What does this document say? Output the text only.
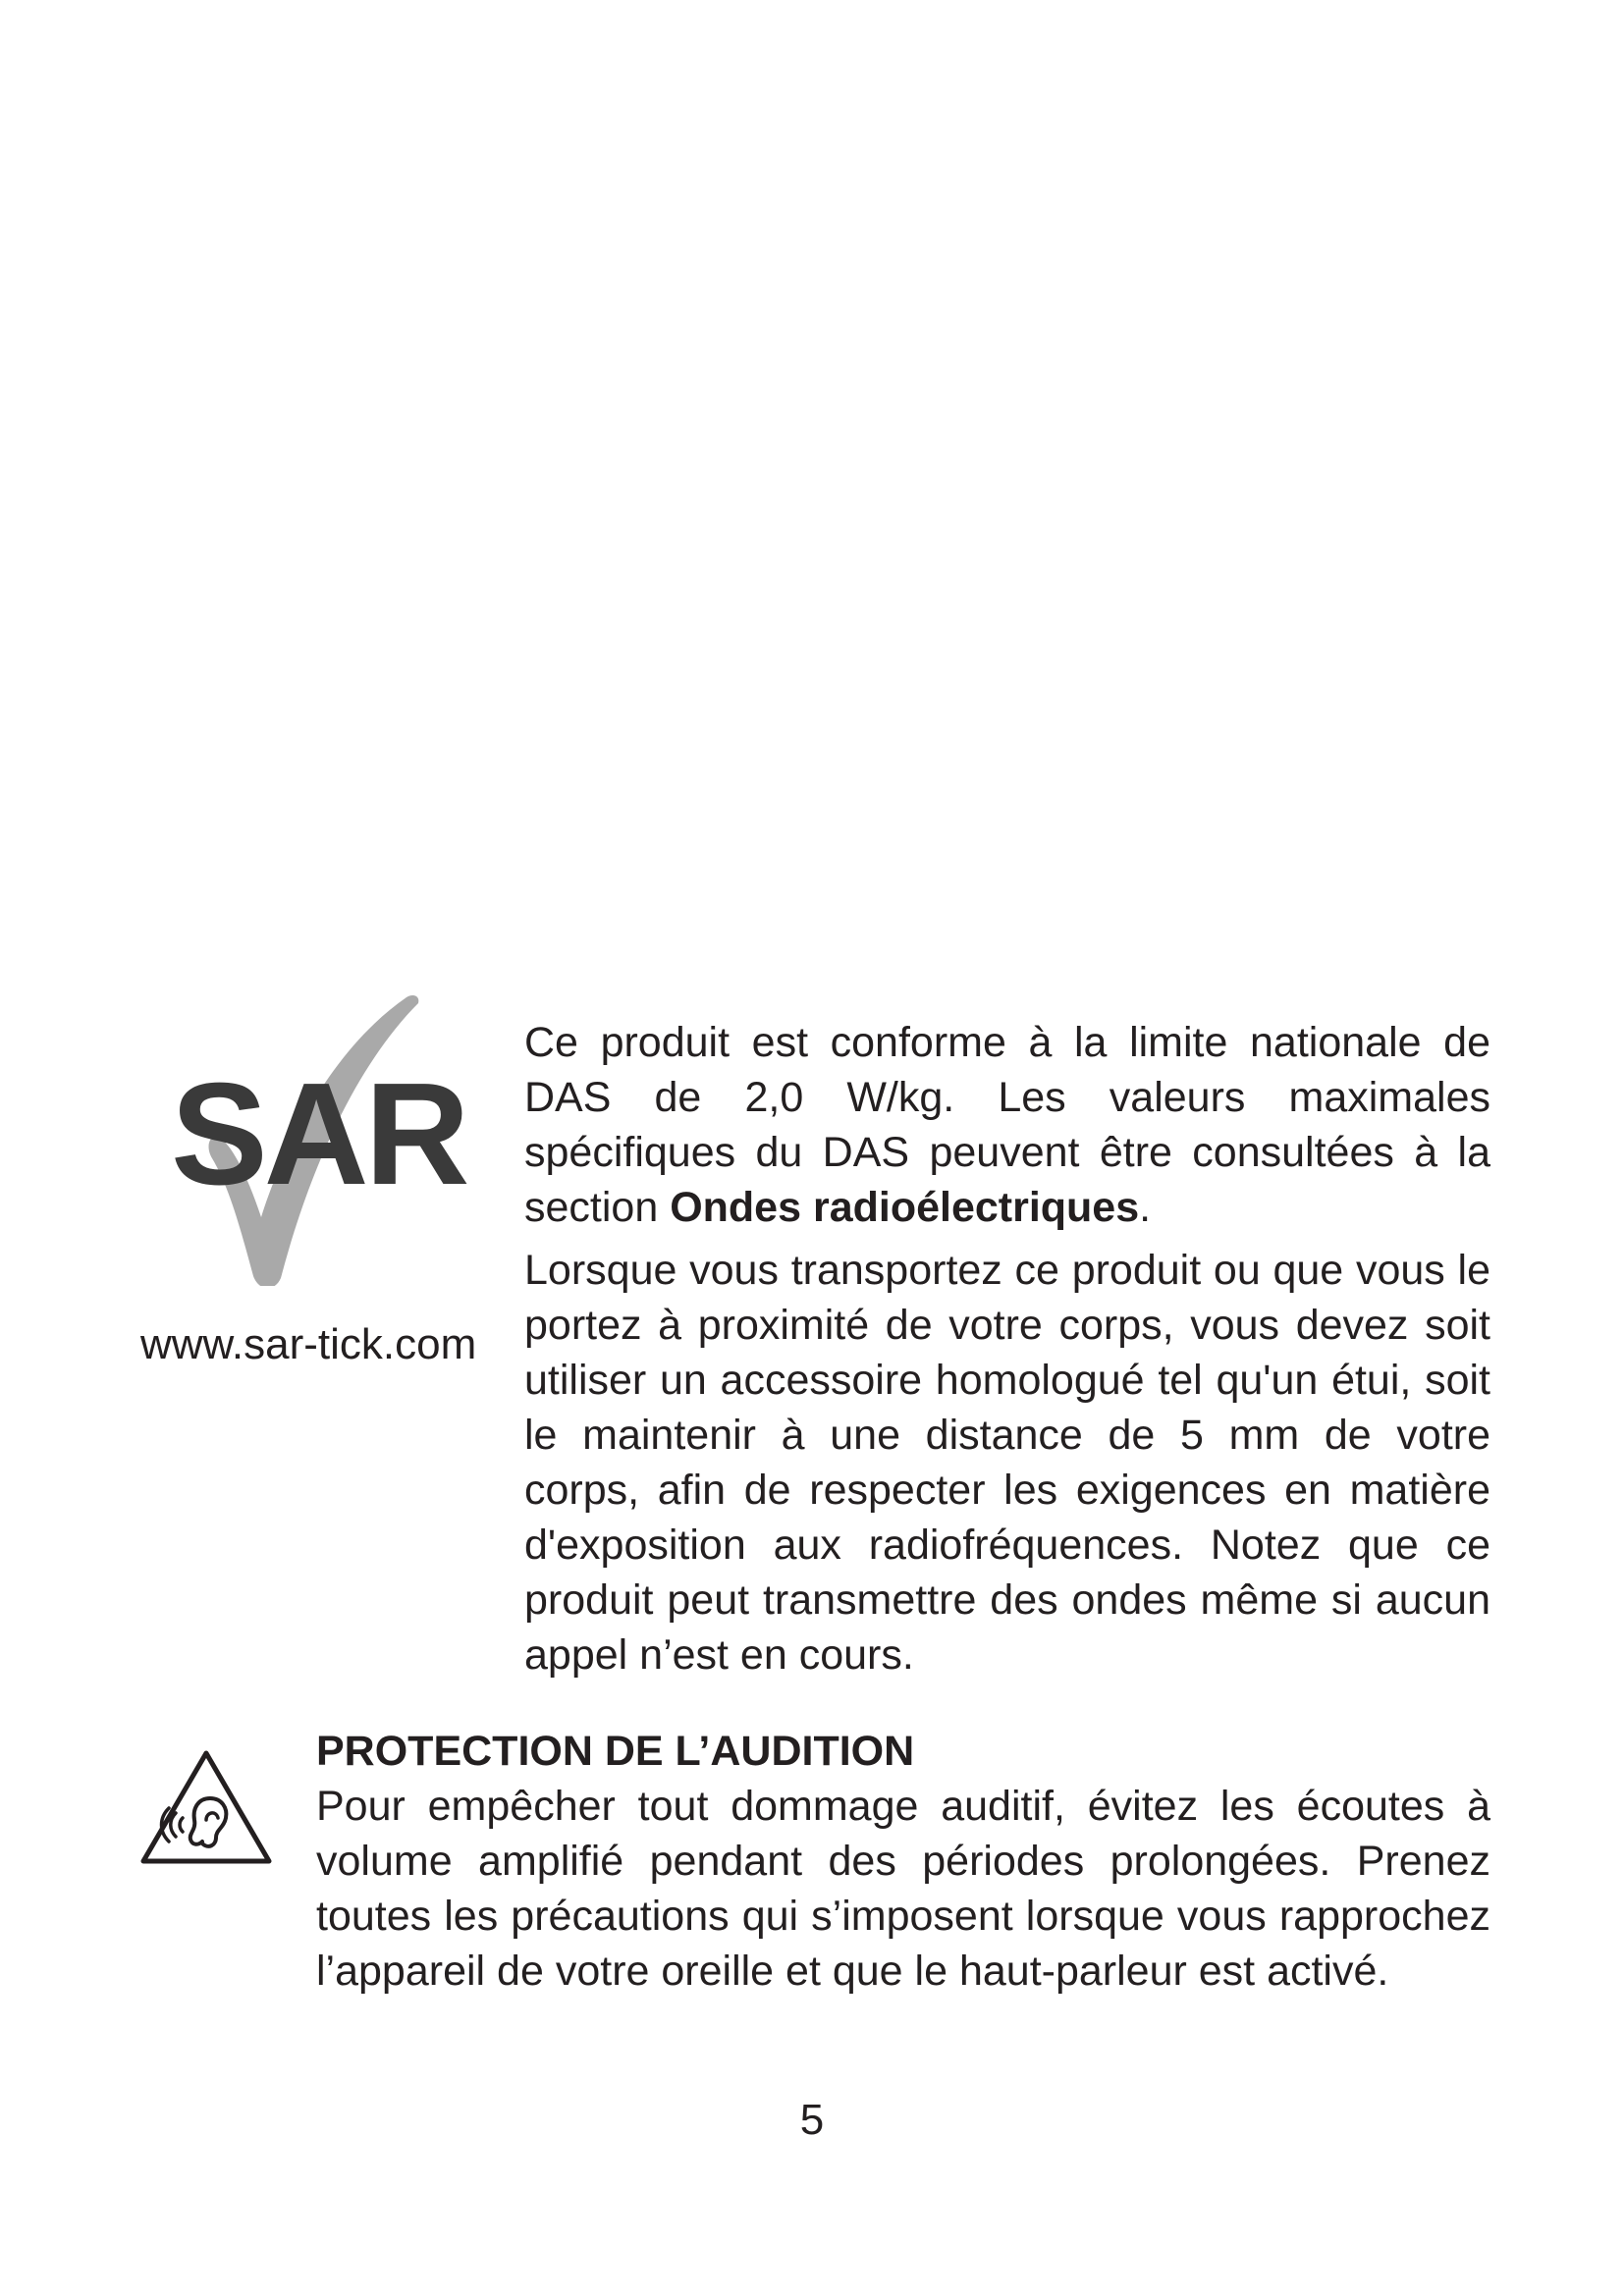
SAR
www.sar-tick.com

Ce produit est conforme à la limite nationale de DAS de 2,0 W/kg. Les valeurs maximales spécifiques du DAS peuvent être consultées à la section Ondes radioélectriques.

Lorsque vous transportez ce produit ou que vous le portez à proximité de votre corps, vous devez soit utiliser un accessoire homologué tel qu'un étui, soit le maintenir à une distance de 5 mm de votre corps, afin de respecter les exigences en matière d'exposition aux radiofréquences. Notez que ce produit peut transmettre des ondes même si aucun appel n’est en cours.

PROTECTION DE L’AUDITION

Pour empêcher tout dommage auditif, évitez les écoutes à volume amplifié pendant des périodes prolongées. Prenez toutes les précautions qui s’imposent lorsque vous rapprochez l’appareil de votre oreille et que le haut-parleur est activé.

5
